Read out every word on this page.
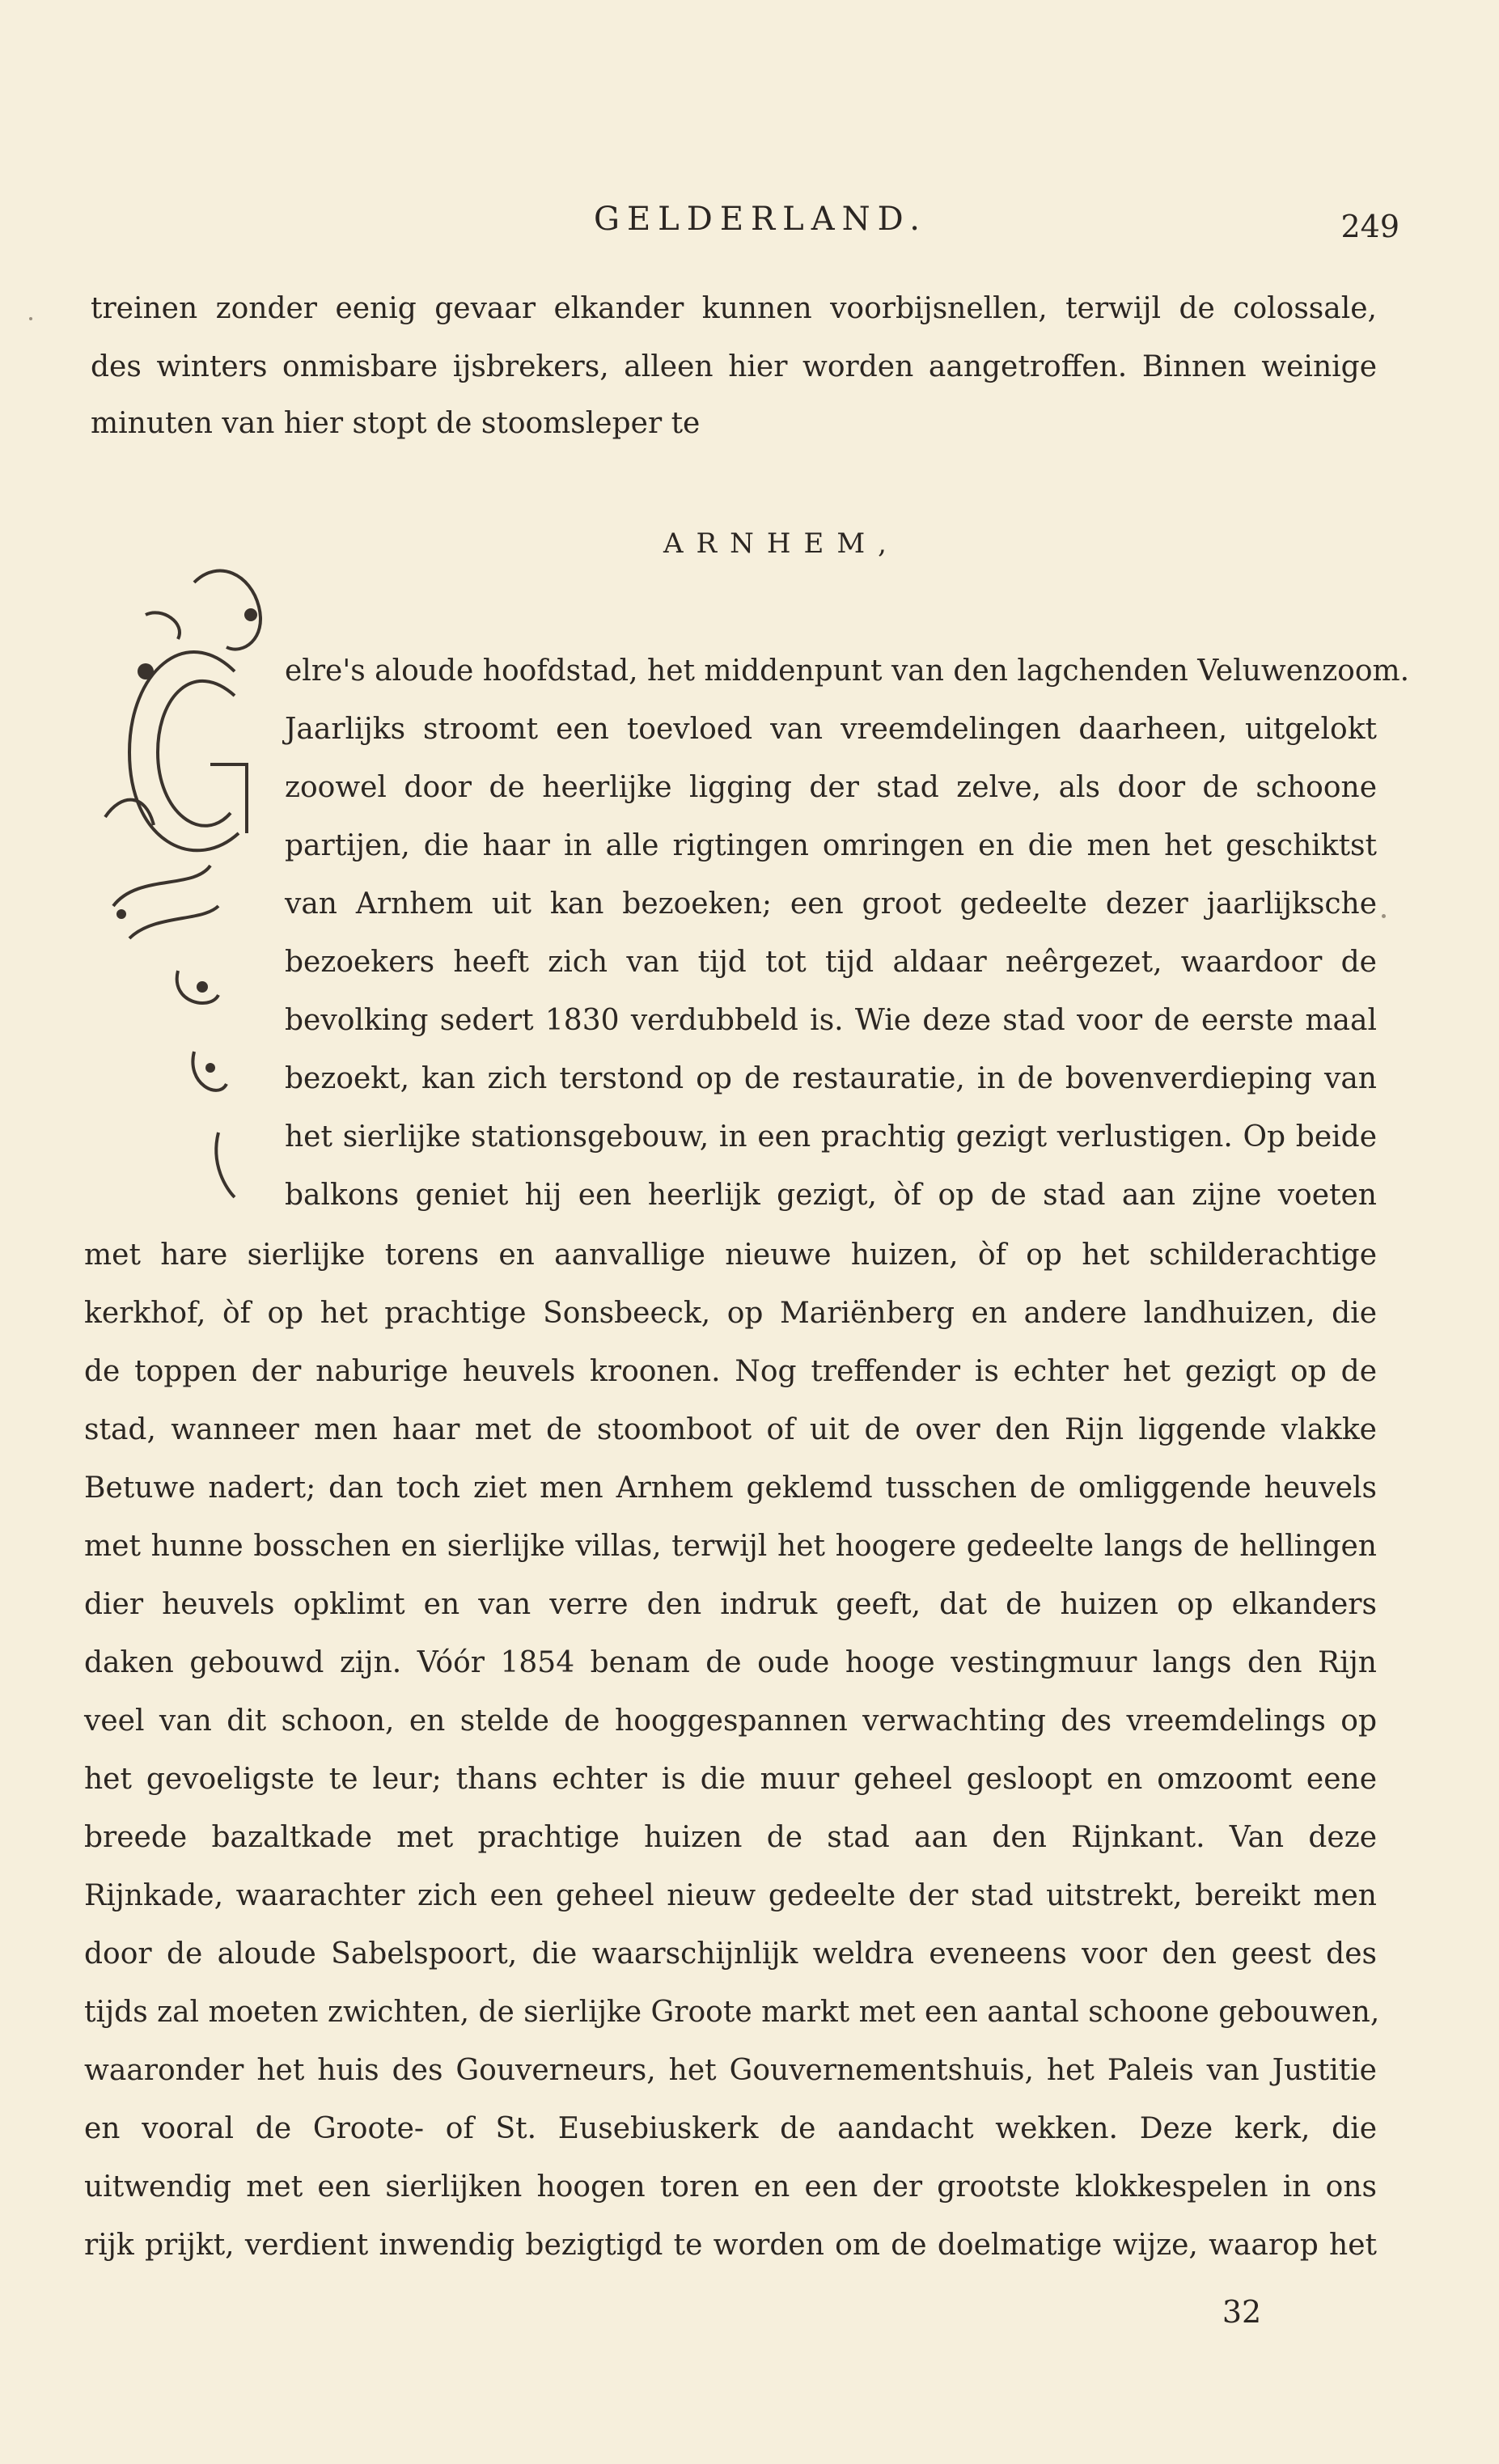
GELDERLAND.	249
treinen zonder eenig gevaar elkander kunnen voorbijsnellen, terwijl de colossale,
des winters onmisbare ijsbrekers, alleen hier worden aangetroffen. Binnen weinige
minuten van hier stopt de stoomsleper te
ARNHEM,
elre's aloude hoofdstad, het middenpunt van den lagchenden Veluwenzoom.
Jaarlijks stroomt een toevloed van vreemdelingen daarheen, uitgelokt
zoowel door de heerlijke ligging der stad zelve, als door de schoone
partijen, die haar in alle rigtingen omringen en die men het geschiktst
van Arnhem uit kan bezoeken; een groot gedeelte dezer jaarlijksche
bezoekers heeft zich van tijd tot tijd aldaar neêrgezet, waardoor de
bevolking sedert 1830 verdubbeld is. Wie deze stad voor de eerste maal
bezoekt, kan zich terstond op de restauratie, in de bovenverdieping van
het sierlijke stationsgebouw, in een prachtig gezigt verlustigen. Op beide
balkons geniet hij een heerlijk gezigt, òf op de stad aan zijne voeten
met hare sierlijke torens en aanvallige nieuwe huizen, òf op het schilderachtige
kerkhof, òf op het prachtige Sonsbeeck, op Mariënberg en andere landhuizen, die
de toppen der naburige heuvels kroonen. Nog treffender is echter het gezigt op de
stad, wanneer men haar met de stoomboot of uit de over den Rijn liggende vlakke
Betuwe nadert; dan toch ziet men Arnhem geklemd tusschen de omliggende heuvels
met hunne bosschen en sierlijke villas, terwijl het hoogere gedeelte langs de hellingen
dier heuvels opklimt en van verre den indruk geeft, dat de huizen op elkanders
daken gebouwd zijn. Vóór 1854 benam de oude hooge vestingmuur langs den Rijn
veel van dit schoon, en stelde de hooggespannen verwachting des vreemdelings op
het gevoeligste te leur; thans echter is die muur geheel gesloopt en omzoomt eene
breede bazaltkade met prachtige huizen de stad aan den Rijnkant. Van deze
Rijnkade, waarachter zich een geheel nieuw gedeelte der stad uitstrekt, bereikt men
door de aloude Sabelspoort, die waarschijnlijk weldra eveneens voor den geest des
tijds zal moeten zwichten, de sierlijke Groote markt met een aantal schoone gebouwen,
waaronder het huis des Gouverneurs, het Gouvernementshuis, het Paleis van Justitie
en vooral de Groote- of St. Eusebiuskerk de aandacht wekken. Deze kerk, die
uitwendig met een sierlijken hoogen toren en een der grootste klokkespelen in ons
rijk prijkt, verdient inwendig bezigtigd te worden om de doelmatige wijze, waarop het
32
